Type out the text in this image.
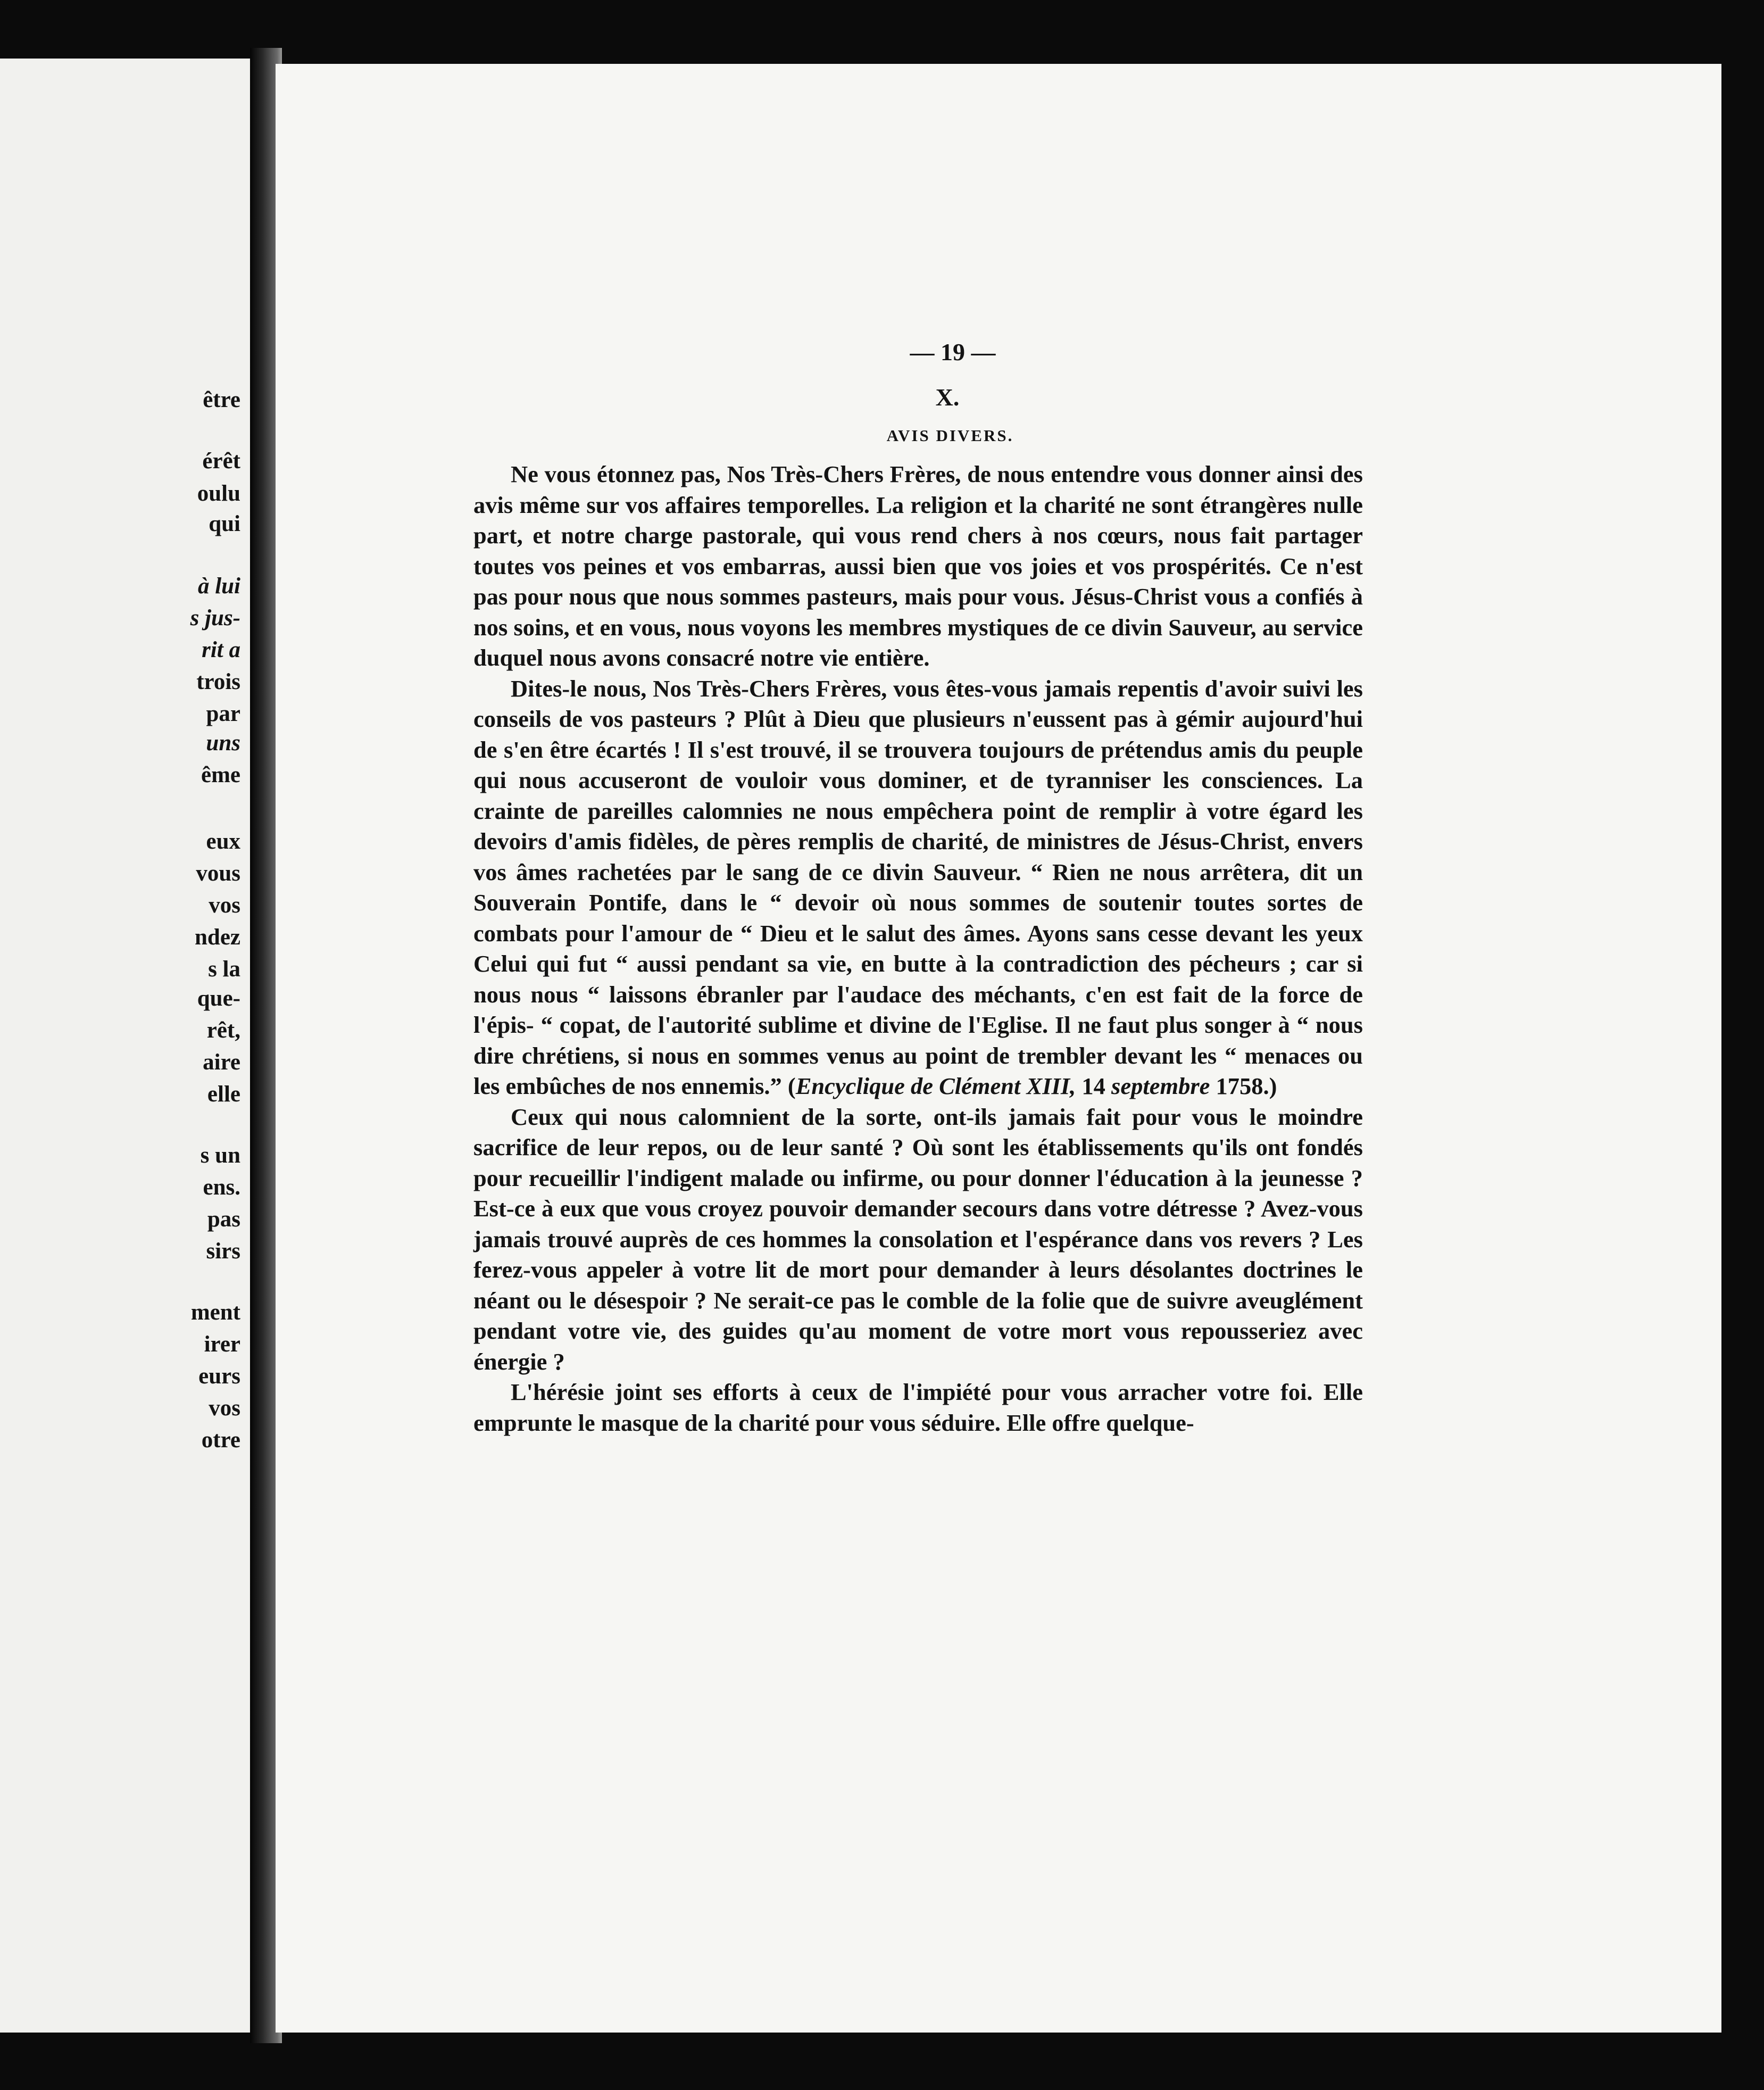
être
érêt
oulu
qui
à lui
s jus-
rit a
trois
par
uns
ême
eux
vous
vos
ndez
s la
que-
rêt,
aire
elle
s un
ens.
pas
sirs
ment
irer
eurs
vos
otre
— 19 —
X.
AVIS DIVERS.

Ne vous étonnez pas, Nos Très-Chers Frères, de nous entendre vous donner ainsi des avis même sur vos affaires temporelles. La religion et la charité ne sont étrangères nulle part, et notre charge pastorale, qui vous rend chers à nos cœurs, nous fait partager toutes vos peines et vos embarras, aussi bien que vos joies et vos prospérités. Ce n'est pas pour nous que nous sommes pasteurs, mais pour vous. Jésus-Christ vous a confiés à nos soins, et en vous, nous voyons les membres mystiques de ce divin Sauveur, au service duquel nous avons consacré notre vie entière.

Dites-le nous, Nos Très-Chers Frères, vous êtes-vous jamais repentis d'avoir suivi les conseils de vos pasteurs ? Plût à Dieu que plusieurs n'eussent pas à gémir aujourd'hui de s'en être écartés ! Il s'est trouvé, il se trouvera toujours de prétendus amis du peuple qui nous accuseront de vouloir vous dominer, et de tyranniser les consciences. La crainte de pareilles calomnies ne nous empêchera point de remplir à votre égard les devoirs d'amis fidèles, de pères remplis de charité, de ministres de Jésus-Christ, envers vos âmes rachetées par le sang de ce divin Sauveur. “ Rien ne nous arrêtera, dit un Souverain Pontife, dans le “ devoir où nous sommes de soutenir toutes sortes de combats pour l'amour de “ Dieu et le salut des âmes. Ayons sans cesse devant les yeux Celui qui fut “ aussi pendant sa vie, en butte à la contradiction des pécheurs ; car si nous nous “ laissons ébranler par l'audace des méchants, c'en est fait de la force de l'épis- “ copat, de l'autorité sublime et divine de l'Eglise. Il ne faut plus songer à “ nous dire chrétiens, si nous en sommes venus au point de trembler devant les “ menaces ou les embûches de nos ennemis.” (Encyclique de Clément XIII, 14 septembre 1758.)

Ceux qui nous calomnient de la sorte, ont-ils jamais fait pour vous le moindre sacrifice de leur repos, ou de leur santé ? Où sont les établissements qu'ils ont fondés pour recueillir l'indigent malade ou infirme, ou pour donner l'éducation à la jeunesse ? Est-ce à eux que vous croyez pouvoir demander secours dans votre détresse ? Avez-vous jamais trouvé auprès de ces hommes la consolation et l'espérance dans vos revers ? Les ferez-vous appeler à votre lit de mort pour demander à leurs désolantes doctrines le néant ou le désespoir ? Ne serait-ce pas le comble de la folie que de suivre aveuglément pendant votre vie, des guides qu'au moment de votre mort vous repousseriez avec énergie ?

L'hérésie joint ses efforts à ceux de l'impiété pour vous arracher votre foi. Elle emprunte le masque de la charité pour vous séduire. Elle offre quelque-
